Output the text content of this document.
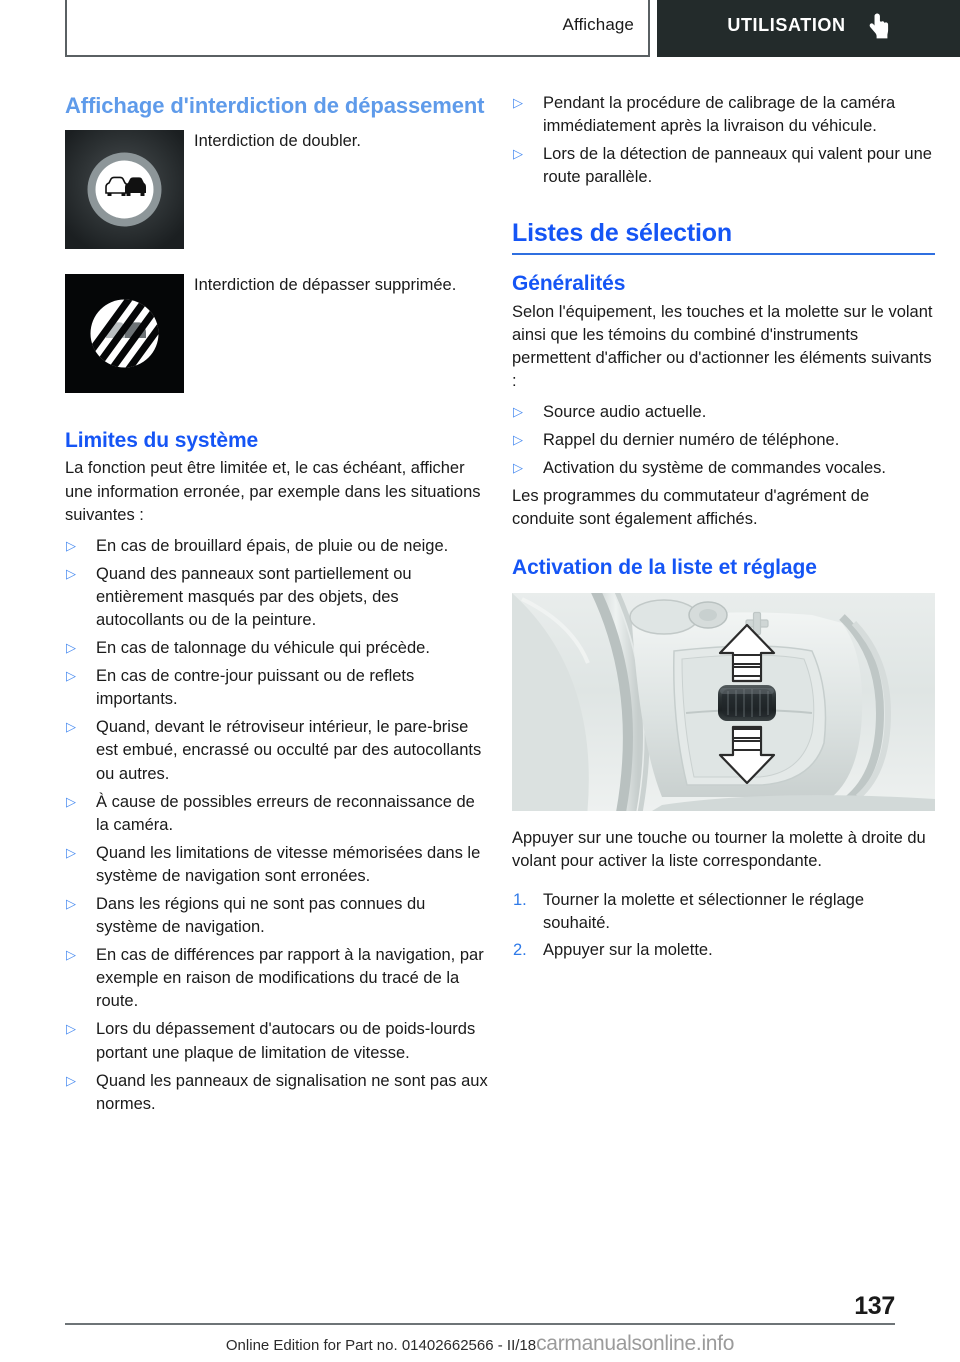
Affichage	UTILISATION
Affichage d'interdiction de dépassement
Interdiction de doubler.
Interdiction de dépasser supprimée.
Limites du système

La fonction peut être limitée et, le cas échéant, afficher une information erronée, par exemple dans les situations suivantes :

▷ En cas de brouillard épais, de pluie ou de neige.
▷ Quand des panneaux sont partiellement ou entièrement masqués par des objets, des autocollants ou de la peinture.
▷ En cas de talonnage du véhicule qui précède.
▷ En cas de contre-jour puissant ou de reflets importants.
▷ Quand, devant le rétroviseur intérieur, le pare-brise est embué, encrassé ou occulté par des autocollants ou autres.
▷ À cause de possibles erreurs de reconnaissance de la caméra.
▷ Quand les limitations de vitesse mémorisées dans le système de navigation sont erronées.
▷ Dans les régions qui ne sont pas connues du système de navigation.
▷ En cas de différences par rapport à la navigation, par exemple en raison de modifications du tracé de la route.
▷ Lors du dépassement d'autocars ou de poids-lourds portant une plaque de limitation de vitesse.
▷ Quand les panneaux de signalisation ne sont pas aux normes.
▷ Pendant la procédure de calibrage de la caméra immédiatement après la livraison du véhicule.
▷ Lors de la détection de panneaux qui valent pour une route parallèle.
Listes de sélection
Généralités

Selon l'équipement, les touches et la molette sur le volant ainsi que les témoins du combiné d'instruments permettent d'afficher ou d'actionner les éléments suivants :

▷ Source audio actuelle.
▷ Rappel du dernier numéro de téléphone.
▷ Activation du système de commandes vocales.

Les programmes du commutateur d'agrément de conduite sont également affichés.

Activation de la liste et réglage

Appuyer sur une touche ou tourner la molette à droite du volant pour activer la liste correspondante.

1. Tourner la molette et sélectionner le réglage souhaité.
2. Appuyer sur la molette.
137
Online Edition for Part no. 01402662566 - II/18carmanualsonline.info
